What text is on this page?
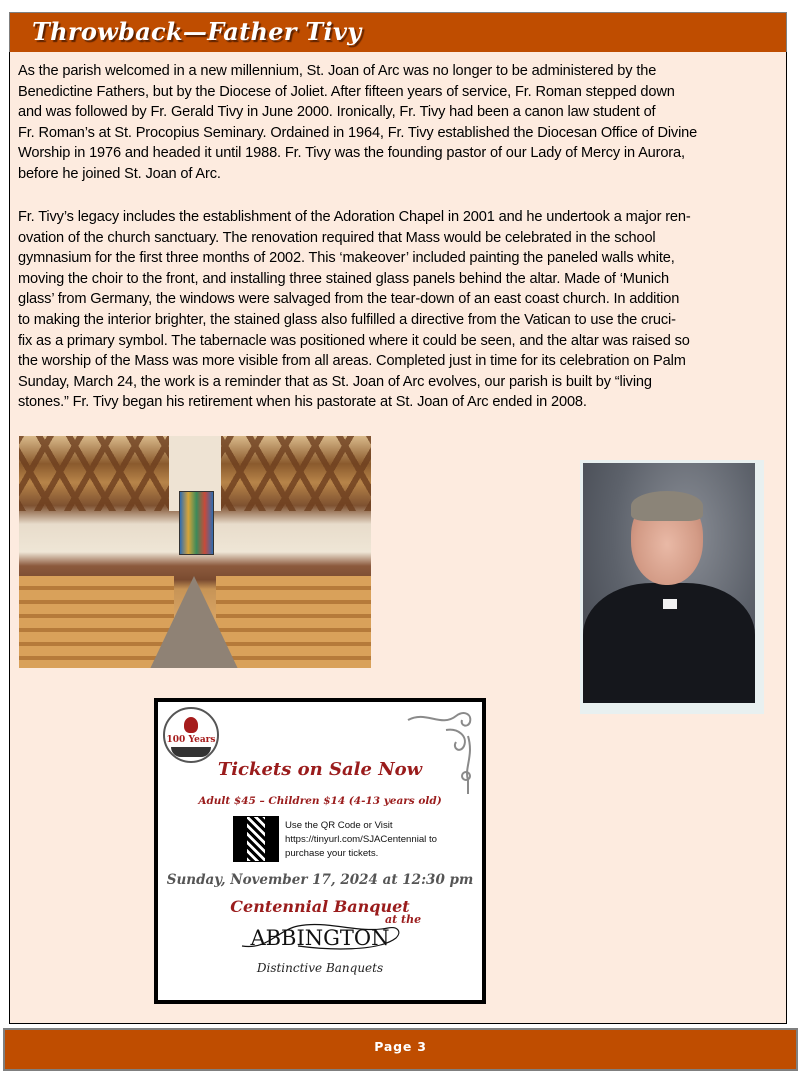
Throwback—Father Tivy
As the parish welcomed in a new millennium, St. Joan of Arc was no longer to be administered by the
Benedictine Fathers, but by the Diocese of Joliet. After fifteen years of service, Fr. Roman stepped down
and was followed by Fr. Gerald Tivy in June 2000. Ironically, Fr. Tivy had been a canon law student of
Fr. Roman’s at St. Procopius Seminary. Ordained in 1964, Fr. Tivy established the Diocesan Office of Divine
Worship in 1976 and headed it until 1988. Fr. Tivy was the founding pastor of our Lady of Mercy in Aurora,
before he joined St. Joan of Arc.
Fr. Tivy’s legacy includes the establishment of the Adoration Chapel in 2001 and he undertook a major ren-
ovation of the church sanctuary. The renovation required that Mass would be celebrated in the school
gymnasium for the first three months of 2002. This ‘makeover’ included painting the paneled walls white,
moving the choir to the front, and installing three stained glass panels behind the altar. Made of ‘Munich
glass’ from Germany, the windows were salvaged from the tear-down of an east coast church. In addition
to making the interior brighter, the stained glass also fulfilled a directive from the Vatican to use the cruci-
fix as a primary symbol. The tabernacle was positioned where it could be seen, and the altar was raised so
the worship of the Mass was more visible from all areas. Completed just in time for its celebration on Palm
Sunday, March 24, the work is a reminder that as St. Joan of Arc evolves, our parish is built by “living
stones.” Fr. Tivy began his retirement when his pastorate at St. Joan of Arc ended in 2008.
100 Years
Tickets on Sale Now
Adult $45 – Children $14 (4-13 years old)
Use the QR Code or Visit
https://tinyurl.com/SJACentennial to
purchase your tickets.
Sunday, November 17, 2024 at 12:30 pm
Centennial Banquet
at the
ABBINGTON
Distinctive Banquets
Page 3
